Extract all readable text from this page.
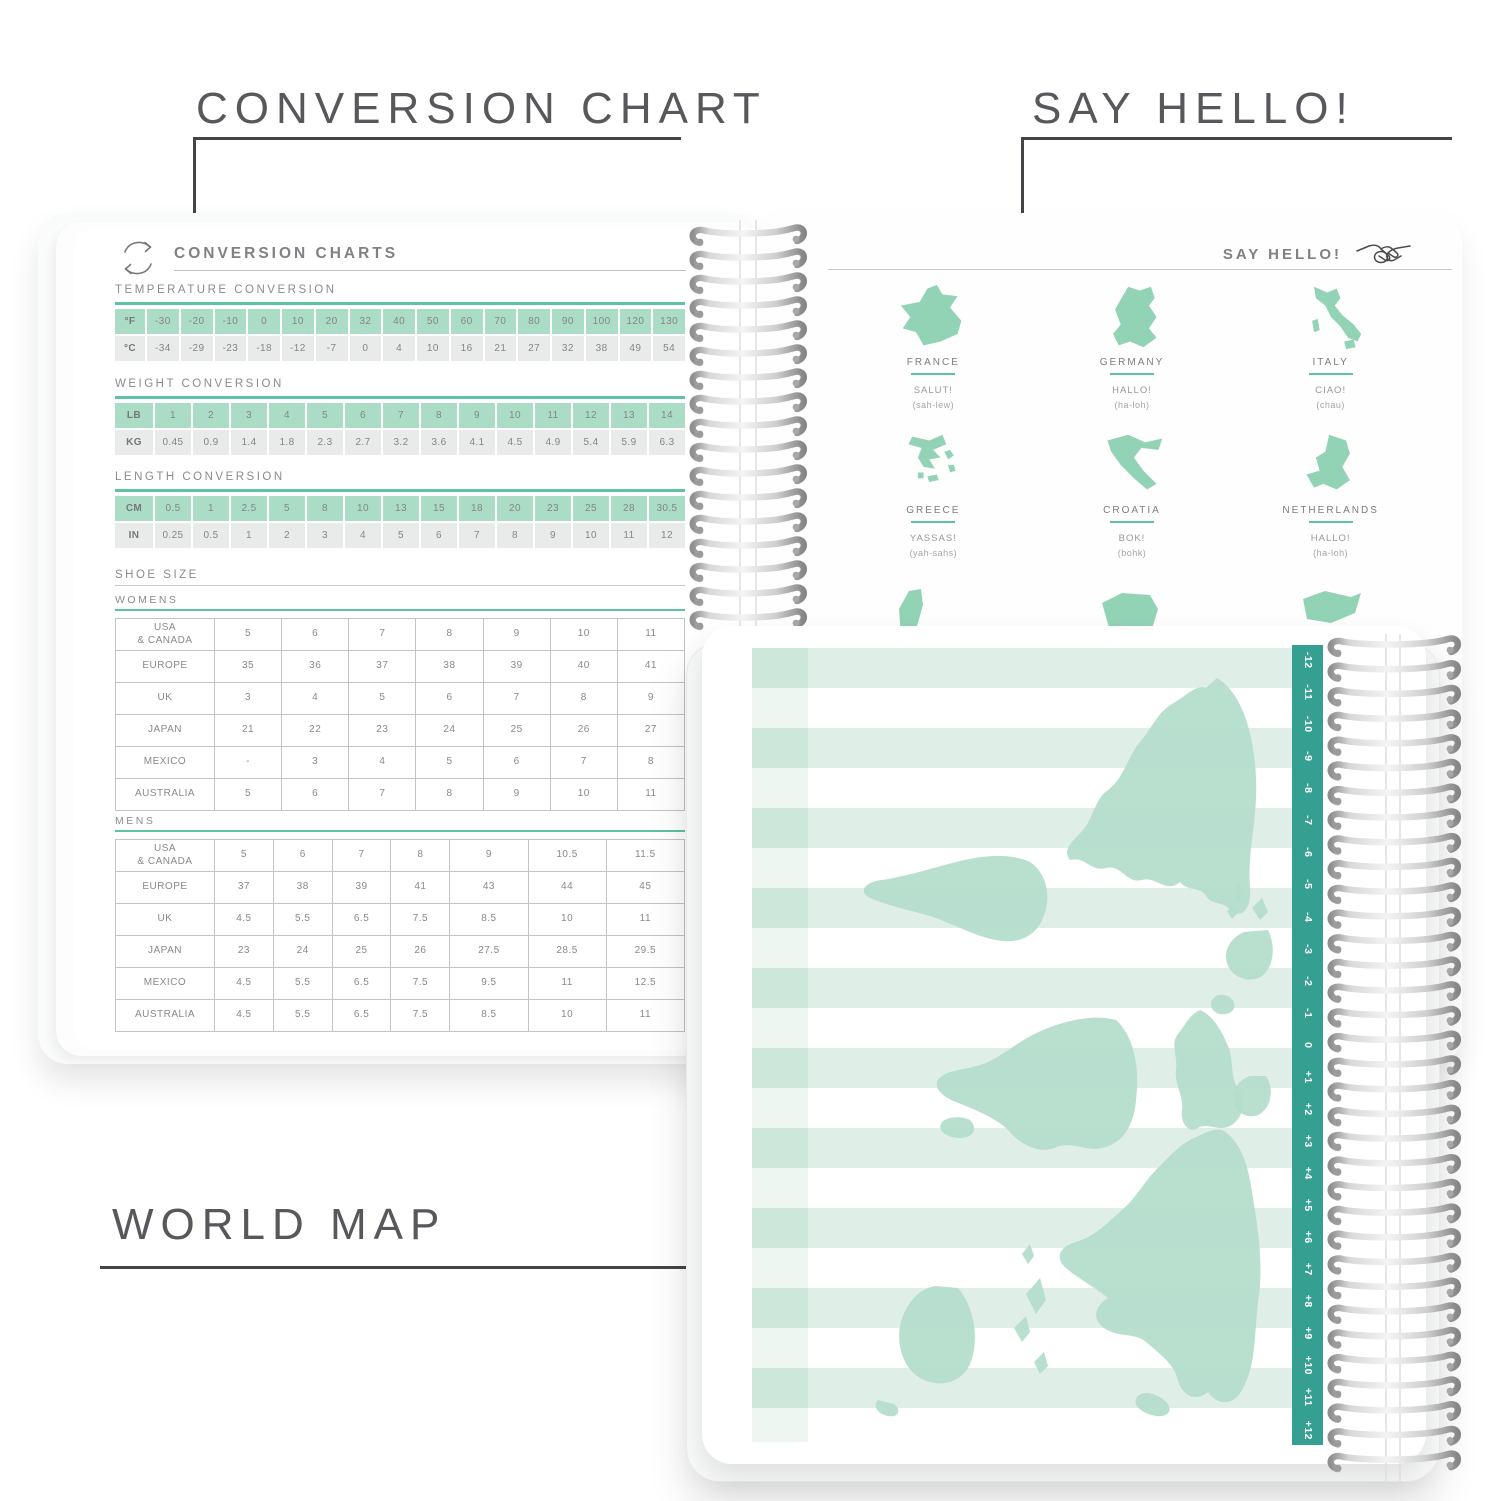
SAY HELLO!
FRANCE
SALUT!
(sah-lew)
GERMANY
HALLO!
(ha-loh)
ITALY
CIAO!
(chau)
GREECE
YASSAS!
(yah-sahs)
CROATIA
BOK!
(bohk)
NETHERLANDS
HALLO!
(ha-loh)
CONVERSION CHARTS
TEMPERATURE CONVERSION
°F	-30	-20	-10	0	10	20	32	40	50	60	70	80	90	100	120	130
°C	-34	-29	-23	-18	-12	-7	0	4	10	16	21	27	32	38	49	54
WEIGHT CONVERSION
LB	1	2	3	4	5	6	7	8	9	10	11	12	13	14
KG	0.45	0.9	1.4	1.8	2.3	2.7	3.2	3.6	4.1	4.5	4.9	5.4	5.9	6.3
LENGTH CONVERSION
CM	0.5	1	2.5	5	8	10	13	15	18	20	23	25	28	30.5
IN	0.25	0.5	1	2	3	4	5	6	7	8	9	10	11	12
SHOE SIZE
WOMENS
USA
& CANADA	5	6	7	8	9	10	11
EUROPE	35	36	37	38	39	40	41
UK	3	4	5	6	7	8	9
JAPAN	21	22	23	24	25	26	27
MEXICO	-	3	4	5	6	7	8
AUSTRALIA	5	6	7	8	9	10	11
MENS
USA
& CANADA	5	6	7	8	9	10.5	11.5
EUROPE	37	38	39	41	43	44	45
UK	4.5	5.5	6.5	7.5	8.5	10	11
JAPAN	23	24	25	26	27.5	28.5	29.5
MEXICO	4.5	5.5	6.5	7.5	9.5	11	12.5
AUSTRALIA	4.5	5.5	6.5	7.5	8.5	10	11
-12
-11
-10
-9
-8
-7
-6
-5
-4
-3
-2
-1
0
+1
+2
+3
+4
+5
+6
+7
+8
+9
+10
+11
+12
CONVERSION CHART	SAY HELLO!
WORLD MAP
